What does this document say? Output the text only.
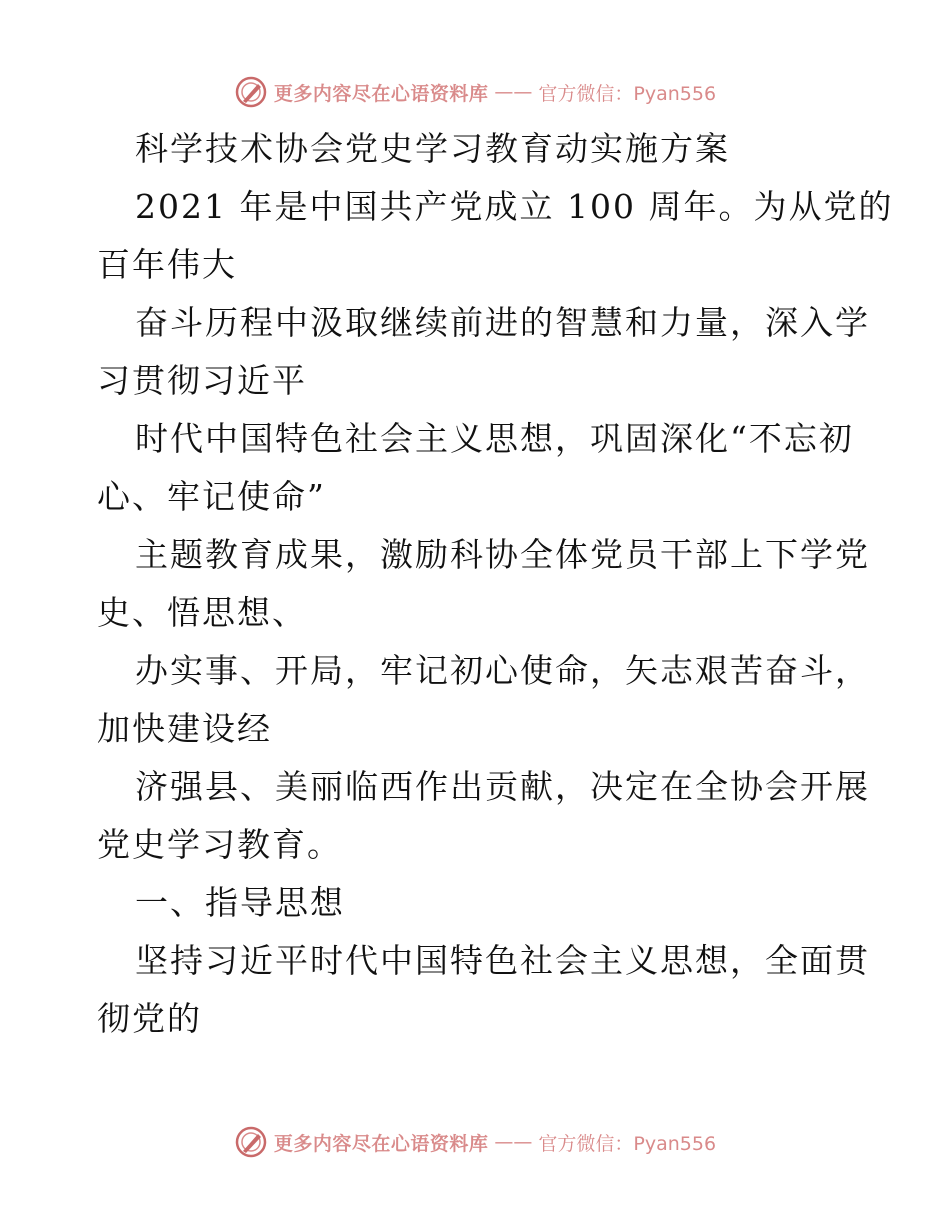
更多内容尽在心语资料库 —— 官方微信：Pyan556
科学技术协会党史学习教育动实施方案
2021 年是中国共产党成立 100 周年。为从党的
百年伟大
奋斗历程中汲取继续前进的智慧和力量，深入学
习贯彻习近平
时代中国特色社会主义思想，巩固深化“不忘初
心、牢记使命”
主题教育成果，激励科协全体党员干部上下学党
史、悟思想、
办实事、开局，牢记初心使命，矢志艰苦奋斗，
加快建设经
济强县、美丽临西作出贡献，决定在全协会开展
党史学习教育。
一、指导思想
坚持习近平时代中国特色社会主义思想，全面贯
彻党的
更多内容尽在心语资料库 —— 官方微信：Pyan556
